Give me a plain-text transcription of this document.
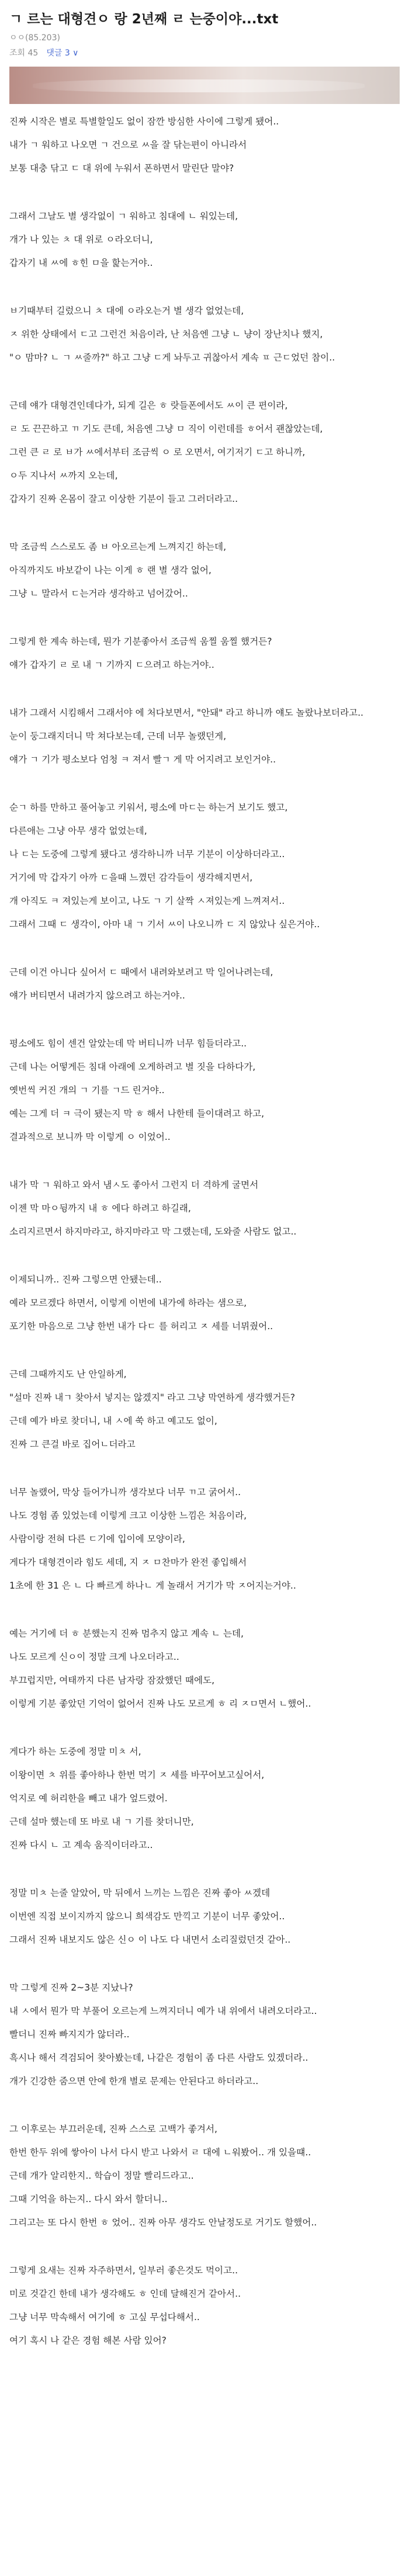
ㄱ 르는 대형견ㅇ 랑 2년째 ㄹ 는중이야...txt
ㅇㅇ(85.203)
조회 45 댓글 3 ∨

진짜 시작은 별로 특별할일도 없이 잠깐 방심한 사이에 그렇게 됐어..

내가 ㄱ 워하고 나오면 ㄱ 건으로 ㅆ을 잘 닦는편이 아니라서

보통 대충 닦고 ㄷ 대 위에 누워서 폰하면서 말린단 말야?

그래서 그날도 별 생각없이 ㄱ 워하고 침대에 ㄴ 워있는데,

개가 나 있는 ㅊ 대 위로 ㅇ라오더니,

갑자기 내 ㅆ에 ㅎ힌 ㅁ을 핥는거야..

ㅂ기때부터 길렀으니 ㅊ 대에 ㅇ라오는거 별 생각 없었는데,

ㅈ 위한 상태에서 ㄷ고 그런건 처음이라, 난 처음엔 그냥 ㄴ 냥이 장난치나 했지,

"ㅇ 맘마? ㄴ ㄱ ㅆ줄까?" 하고 그냥 ㄷ게 놔두고 귀찮아서 계속 ㅍ 근ㄷ었던 참이..

근데 얘가 대형견인데다가, 되게 길은 ㅎ 랏들폰에서도 ㅆ이 큰 편이라,

ㄹ 도 끈끈하고 ㄲ 기도 큰데, 처음엔 그냥 ㅁ 직이 이런데를 ㅎ어서 괜찮았는데,

그런 큰 ㄹ 로 ㅂ가 ㅆ에서부터 조금씩 ㅇ 로 오면서, 여기저기 ㄷ고 하니까,

ㅇ두 지나서 ㅆ까지 오는데,

갑자기 진짜 온몸이 잘고 이상한 기분이 들고 그러더라고..

막 조금씩 스스로도 좀 ㅂ 아오르는게 느껴지긴 하는데,

아직까지도 바보같이 나는 이게 ㅎ 랜 별 생각 없어,

그냥 ㄴ 말라서 ㄷ는거라 생각하고 넘어갔어..

그렇게 한 계속 하는데, 뭔가 기분좋아서 조금씩 움찔 움찔 했거든?

얘가 갑자기 ㄹ 로 내 ㄱ 기까지 ㄷ으려고 하는거야..

내가 그래서 시킴해서 그래서야 에 처다보면서, "안돼" 라고 하니까 얘도 놀랐나보더라고..

눈이 둥그래지더니 막 쳐다보는데, 근데 너무 놀랬던게,

얘가 ㄱ 기가 평소보다 엄청 ㅋ 져서 빨ㄱ 게 막 어지려고 보인거야..

순ㄱ 하를 만하고 풀어놓고 키워서, 평소에 마ㄷ는 하는거 보기도 했고,

다른애는 그냥 아무 생각 없었는데,

나 ㄷ는 도중에 그렇게 됐다고 생각하니까 너무 기분이 이상하더라고..

거기에 막 갑자기 아까 ㄷ을때 느꼈던 감각들이 생각해지면서,

개 아직도 ㅋ 져있는게 보이고, 나도 ㄱ 기 살짝 ㅅ져있는게 느껴져서..

그래서 그때 ㄷ 생각이, 아마 내 ㄱ 기서 ㅆ이 나오니까 ㄷ 지 않았나 싶은거야..

근데 이건 아니다 싶어서 ㄷ 때에서 내려와보려고 막 일어나려는데,

얘가 버티면서 내려가지 않으려고 하는거야..

평소에도 힘이 센건 알았는데 막 버티니까 너무 힘들더라고..

근데 나는 어떻게든 침대 아래에 오게하려고 별 짓을 다하다가,

옛번씩 커진 개의 ㄱ 기를 ㄱ드 린거야..

예는 그게 더 ㅋ 극이 됐는지 막 ㅎ 해서 나한테 들이대려고 하고,

결과적으로 보니까 막 이렇게 ㅇ 이었어..

내가 막 ㄱ 워하고 와서 냄ㅅ도 좋아서 그런지 더 격하게 굴면서

이젠 막 마ㅇ뒹까지 내 ㅎ 에다 하려고 하길래,

소리지르면서 하지마라고, 하지마라고 막 그랬는데, 도와줄 사람도 없고..

이제되니까.. 진짜 그렇으면 안됐는데..

예라 모르겠다 하면서, 이렇게 이번에 내가에 하라는 샘으로,

포기한 마음으로 그냥 한번 내가 다ㄷ 를 허리고 ㅈ 세를 너뮈줬어..

근데 그때까지도 난 안일하게,

"설마 진짜 내ㄱ 찾아서 넣지는 않겠지" 라고 그냥 막연하게 생각했거든?

근데 예가 바로 찾더니, 내 ㅅ에 쑥 하고 예고도 없이,

진짜 그 큰걸 바로 집어ㄴ더라고

너무 놀랬어, 막상 들어가니까 생각보다 너무 ㄲ고 굵어서..

나도 경험 좀 있었는데 이렇게 크고 이상한 느낌은 처음이라,

사람이랑 전혀 다른 ㄷ기에 입이에 모양이라,

게다가 대형견이라 힘도 세데, 지 ㅈ ㅁ찬마가 완전 좋입해서

1초에 한 31 은 ㄴ 다 빠르게 하나ㄴ 게 놀래서 거기가 막 ㅈ어지는거야..

예는 거기에 더 ㅎ 분했는지 진짜 멈추지 않고 계속 ㄴ 는데,

나도 모르게 신ㅇ이 정말 크게 나오더라고..

부끄럽지만, 여태까지 다른 남자랑 잠잤했던 때에도,

이렇게 기분 좋았던 기억이 없어서 진짜 나도 모르게 ㅎ 리 ㅈㅁ면서 ㄴ했어..

게다가 하는 도중에 정말 미ㅊ 서,

이왕이면 ㅊ 위를 좋아하나 한번 먹기 ㅈ 세를 바꾸어보고싶어서,

억지로 예 허리한을 빼고 내가 엎드렸어.

근데 설마 했는데 또 바로 내 ㄱ 기를 찾더니만,

진짜 다시 ㄴ 고 계속 움직이더라고..

정말 미ㅊ 는줄 알았어, 막 뒤에서 느끼는 느낌은 진짜 좋아 ㅆ겠데

이번엔 직접 보이지까지 않으니 희색감도 만끽고 기분이 너무 좋았어..

그래서 진짜 내보지도 않은 신ㅇ 이 나도 다 내면서 소리질렀던것 같아..

막 그렇게 진짜 2~3분 지났나?

내 ㅅ에서 뭔가 막 부풀어 오르는게 느껴지더니 예가 내 위에서 내려오더라고..

빨더니 진짜 빠지지가 않더라..

흑시나 해서 격검되어 찾아봤는데, 나같은 경험이 좀 다른 사람도 있겠더라..

개가 긴강한 줌으면 안에 한개 별로 문제는 안된다고 하더라고..

그 이후로는 부끄러운데, 진짜 스스로 고백가 좋겨서,

한번 한두 위에 쌓아이 나서 다시 받고 나와서 ㄹ 대에 ㄴ워봤어.. 개 있을떄..

근데 개가 알리한지.. 학습이 정말 빨리드라고..

그때 기억을 하는지.. 다시 와서 할더니..

그리고는 또 다시 한번 ㅎ 었어.. 진짜 아무 생각도 안날정도로 거기도 할했어..

그렇게 요새는 진짜 자주하면서, 일부러 좋은것도 먹이고..

미로 것같긴 한데 내가 생각해도 ㅎ 인데 달해진거 같아서..

그냥 너무 막속해서 여기에 ㅎ 고싶 무섭다해서..

여기 혹시 나 같은 경험 해본 사람 있어?
